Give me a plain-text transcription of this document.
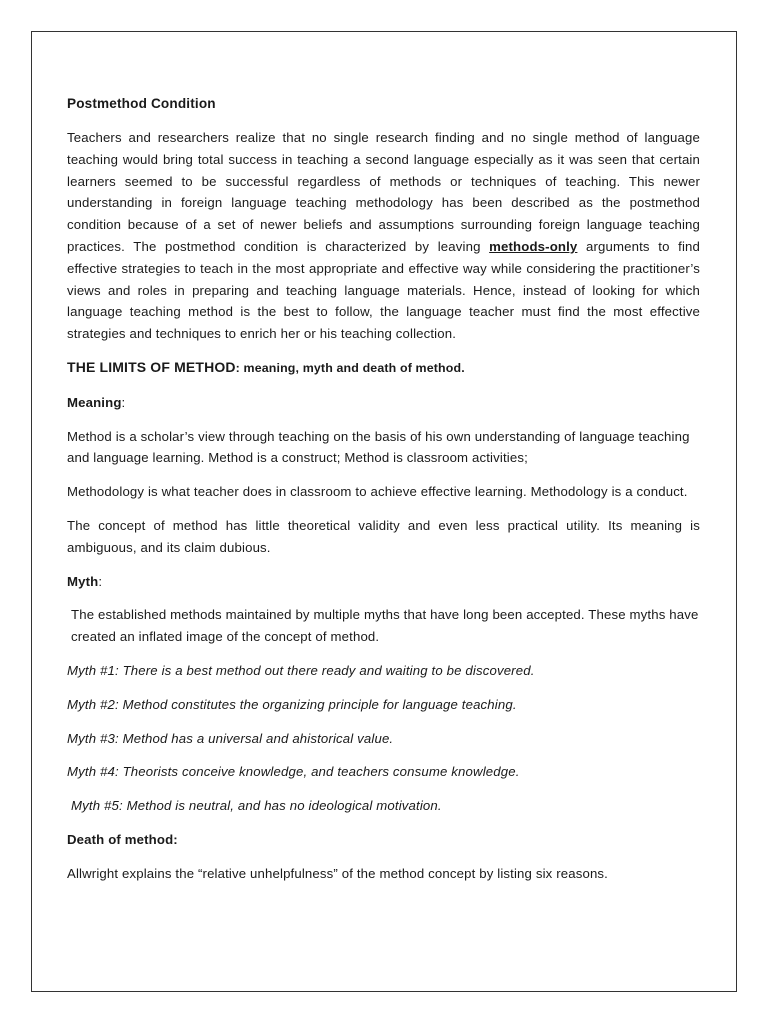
Postmethod Condition

Teachers and researchers realize that no single research finding and no single method of language teaching would bring total success in teaching a second language especially as it was seen that certain learners seemed to be successful regardless of methods or techniques of teaching. This newer understanding in foreign language teaching methodology has been described as the postmethod condition because of a set of newer beliefs and assumptions surrounding foreign language teaching practices. The postmethod condition is characterized by leaving methods-only arguments to find effective strategies to teach in the most appropriate and effective way while considering the practitioner’s views and roles in preparing and teaching language materials. Hence, instead of looking for which language teaching method is the best to follow, the language teacher must find the most effective strategies and techniques to enrich her or his teaching collection.

THE LIMITS OF METHOD: meaning, myth and death of method.

Meaning:

Method is a scholar’s view through teaching on the basis of his own understanding of language teaching and language learning. Method is a construct; Method is classroom activities;

Methodology is what teacher does in classroom to achieve effective learning. Methodology is a conduct.

The concept of method has little theoretical validity and even less practical utility. Its meaning is ambiguous, and its claim dubious.

Myth:

The established methods maintained by multiple myths that have long been accepted. These myths have created an inflated image of the concept of method.

Myth #1: There is a best method out there ready and waiting to be discovered.

Myth #2: Method constitutes the organizing principle for language teaching.

Myth #3: Method has a universal and ahistorical value.

Myth #4: Theorists conceive knowledge, and teachers consume knowledge.

Myth #5: Method is neutral, and has no ideological motivation.

Death of method:

Allwright explains the “relative unhelpfulness” of the method concept by listing six reasons.
